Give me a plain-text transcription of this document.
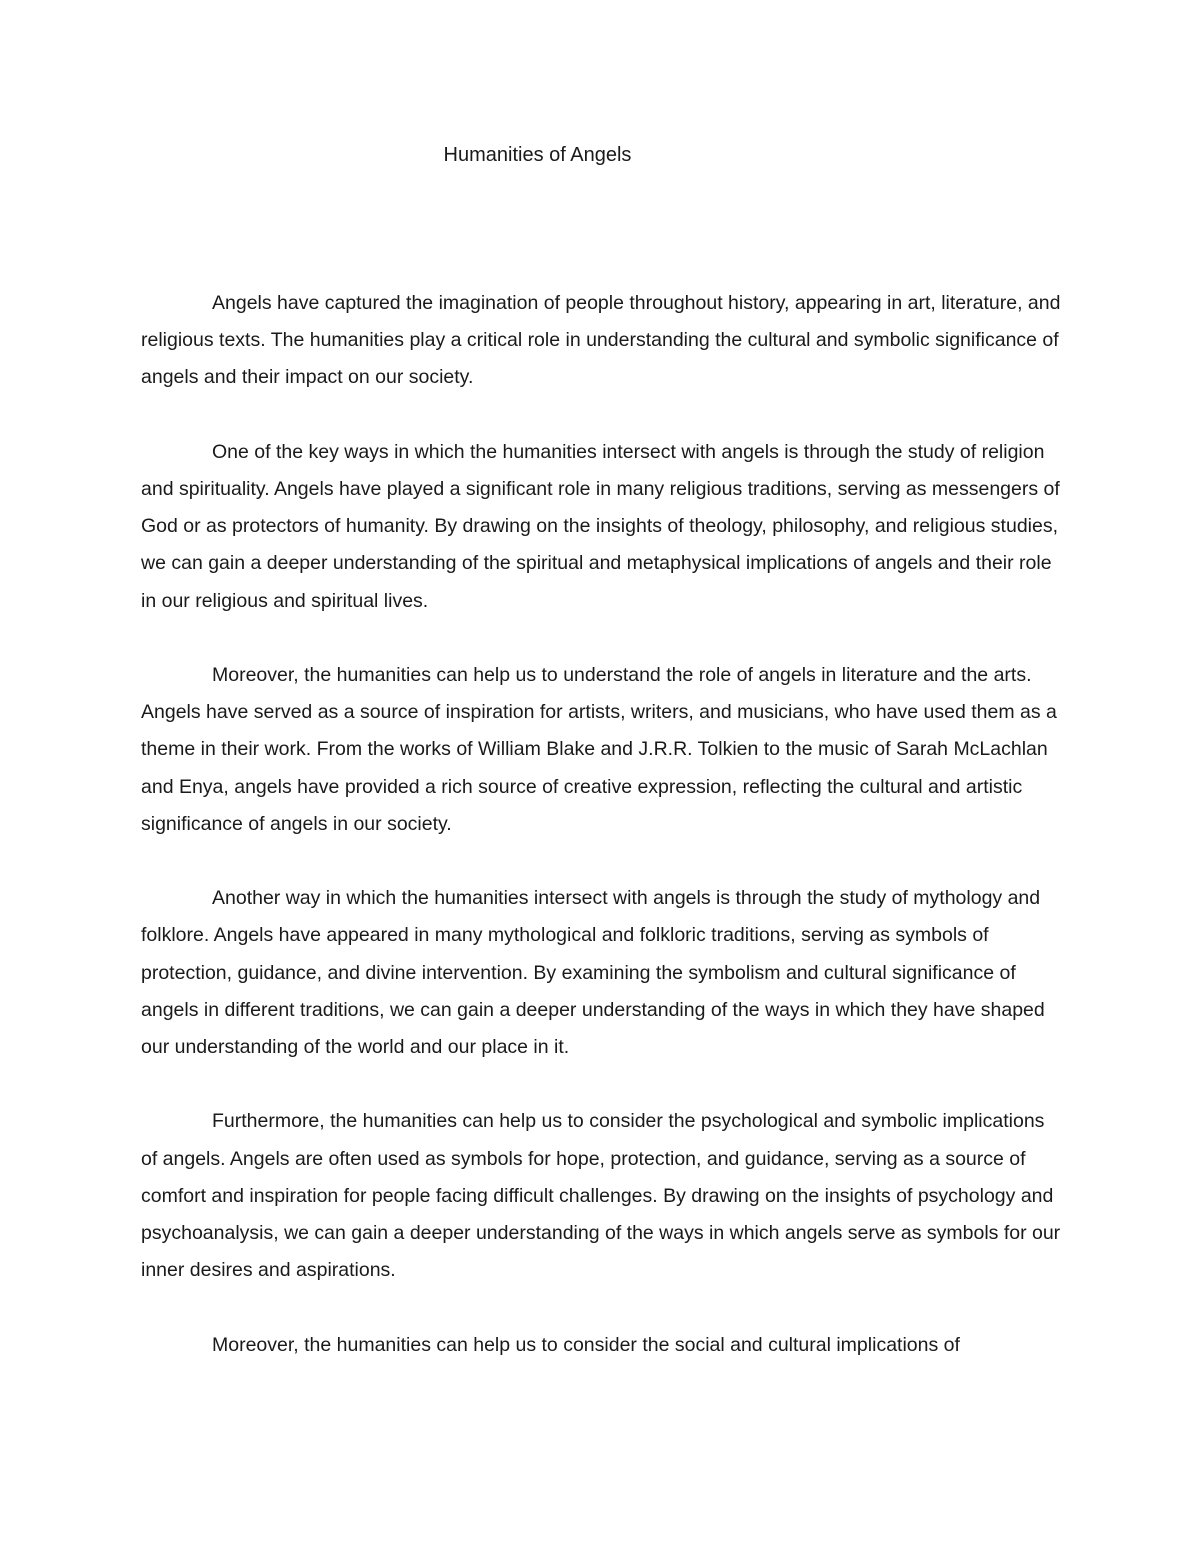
Humanities of Angels

Angels have captured the imagination of people throughout history, appearing in art, literature, and religious texts. The humanities play a critical role in understanding the cultural and symbolic significance of angels and their impact on our society.

One of the key ways in which the humanities intersect with angels is through the study of religion and spirituality. Angels have played a significant role in many religious traditions, serving as messengers of God or as protectors of humanity. By drawing on the insights of theology, philosophy, and religious studies, we can gain a deeper understanding of the spiritual and metaphysical implications of angels and their role in our religious and spiritual lives.

Moreover, the humanities can help us to understand the role of angels in literature and the arts. Angels have served as a source of inspiration for artists, writers, and musicians, who have used them as a theme in their work. From the works of William Blake and J.R.R. Tolkien to the music of Sarah McLachlan and Enya, angels have provided a rich source of creative expression, reflecting the cultural and artistic significance of angels in our society.

Another way in which the humanities intersect with angels is through the study of mythology and folklore. Angels have appeared in many mythological and folkloric traditions, serving as symbols of protection, guidance, and divine intervention. By examining the symbolism and cultural significance of angels in different traditions, we can gain a deeper understanding of the ways in which they have shaped our understanding of the world and our place in it.

Furthermore, the humanities can help us to consider the psychological and symbolic implications of angels. Angels are often used as symbols for hope, protection, and guidance, serving as a source of comfort and inspiration for people facing difficult challenges. By drawing on the insights of psychology and psychoanalysis, we can gain a deeper understanding of the ways in which angels serve as symbols for our inner desires and aspirations.

Moreover, the humanities can help us to consider the social and cultural implications of
